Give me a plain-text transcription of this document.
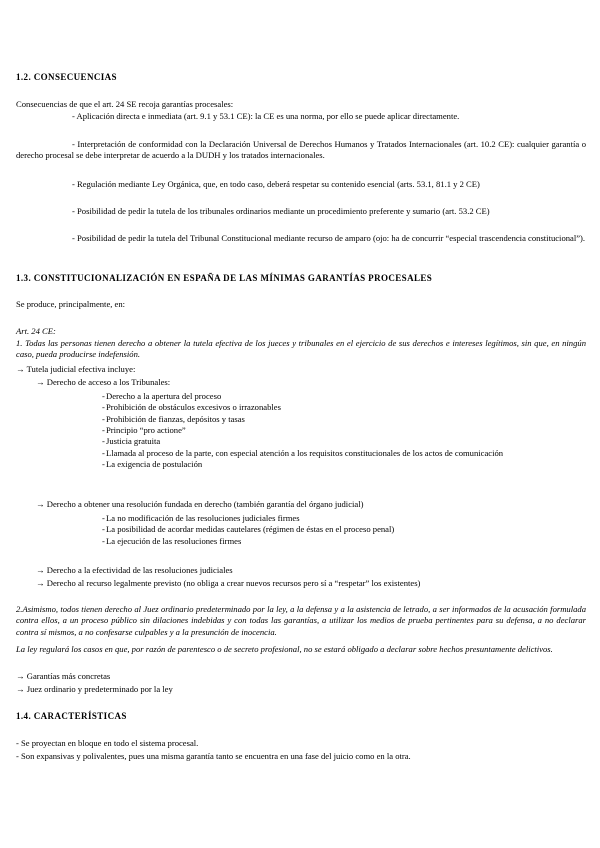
1.2. CONSECUENCIAS
Consecuencias de que el art. 24 SE recoja garantías procesales:
- Aplicación directa e inmediata (art. 9.1 y 53.1 CE): la CE es una norma, por ello se puede aplicar directamente.
- Interpretación de conformidad con la Declaración Universal de Derechos Humanos y Tratados Internacionales (art. 10.2 CE): cualquier garantía o derecho procesal se debe interpretar de acuerdo a la DUDH y los tratados internacionales.
- Regulación mediante Ley Orgánica, que, en todo caso, deberá respetar su contenido esencial (arts. 53.1, 81.1 y 2 CE)
- Posibilidad de pedir la tutela de los tribunales ordinarios mediante un procedimiento preferente y sumario (art. 53.2 CE)
- Posibilidad de pedir la tutela del Tribunal Constitucional mediante recurso de amparo (ojo: ha de concurrir “especial trascendencia constitucional”).
1.3. CONSTITUCIONALIZACIÓN EN ESPAÑA DE LAS MÍNIMAS GARANTÍAS PROCESALES
Se produce, principalmente, en:
Art. 24 CE:
1. Todas las personas tienen derecho a obtener la tutela efectiva de los jueces y tribunales en el ejercicio de sus derechos e intereses legítimos, sin que, en ningún caso, pueda producirse indefensión.
→ Tutela judicial efectiva incluye:
→ Derecho de acceso a los Tribunales:
- Derecho a la apertura del proceso
- Prohibición de obstáculos excesivos o irrazonables
- Prohibición de fianzas, depósitos y tasas
- Principio “pro actione”
- Justicia gratuita
- Llamada al proceso de la parte, con especial atención a los requisitos constitucionales de los actos de comunicación
- La exigencia de postulación
→ Derecho a obtener una resolución fundada en derecho (también garantía del órgano judicial)
- La no modificación de las resoluciones judiciales firmes
- La posibilidad de acordar medidas cautelares (régimen de éstas en el proceso penal)
- La ejecución de las resoluciones firmes
→ Derecho a la efectividad de las resoluciones judiciales
→ Derecho al recurso legalmente previsto (no obliga a crear nuevos recursos pero sí a “respetar” los existentes)
2.Asimismo, todos tienen derecho al Juez ordinario predeterminado por la ley, a la defensa y a la asistencia de letrado, a ser informados de la acusación formulada contra ellos, a un proceso público sin dilaciones indebidas y con todas las garantías, a utilizar los medios de prueba pertinentes para su defensa, a no declarar contra sí mismos, a no confesarse culpables y a la presunción de inocencia.
La ley regulará los casos en que, por razón de parentesco o de secreto profesional, no se estará obligado a declarar sobre hechos presuntamente delictivos.
→ Garantías más concretas
→ Juez ordinario y predeterminado por la ley
1.4. CARACTERÍSTICAS
- Se proyectan en bloque en todo el sistema procesal.
- Son expansivas y polivalentes, pues una misma garantía tanto se encuentra en una fase del juicio como en la otra.
